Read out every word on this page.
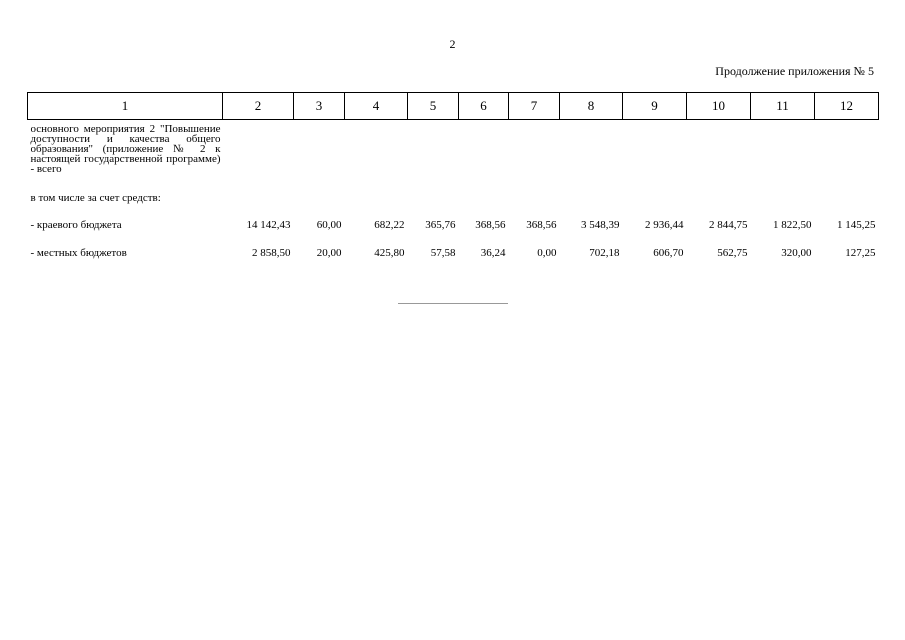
2
Продолжение приложения № 5
1	2	3	4	5	6	7	8	9	10	11	12
основного мероприятия 2 "Повышение доступности и качества общего образования" (приложение № 2 к настоящей государственной программе) - всего											
в том числе за счет средств:											
- краевого бюджета	14 142,43	60,00	682,22	365,76	368,56	368,56	3 548,39	2 936,44	2 844,75	1 822,50	1 145,25
- местных бюджетов	2 858,50	20,00	425,80	57,58	36,24	0,00	702,18	606,70	562,75	320,00	127,25
